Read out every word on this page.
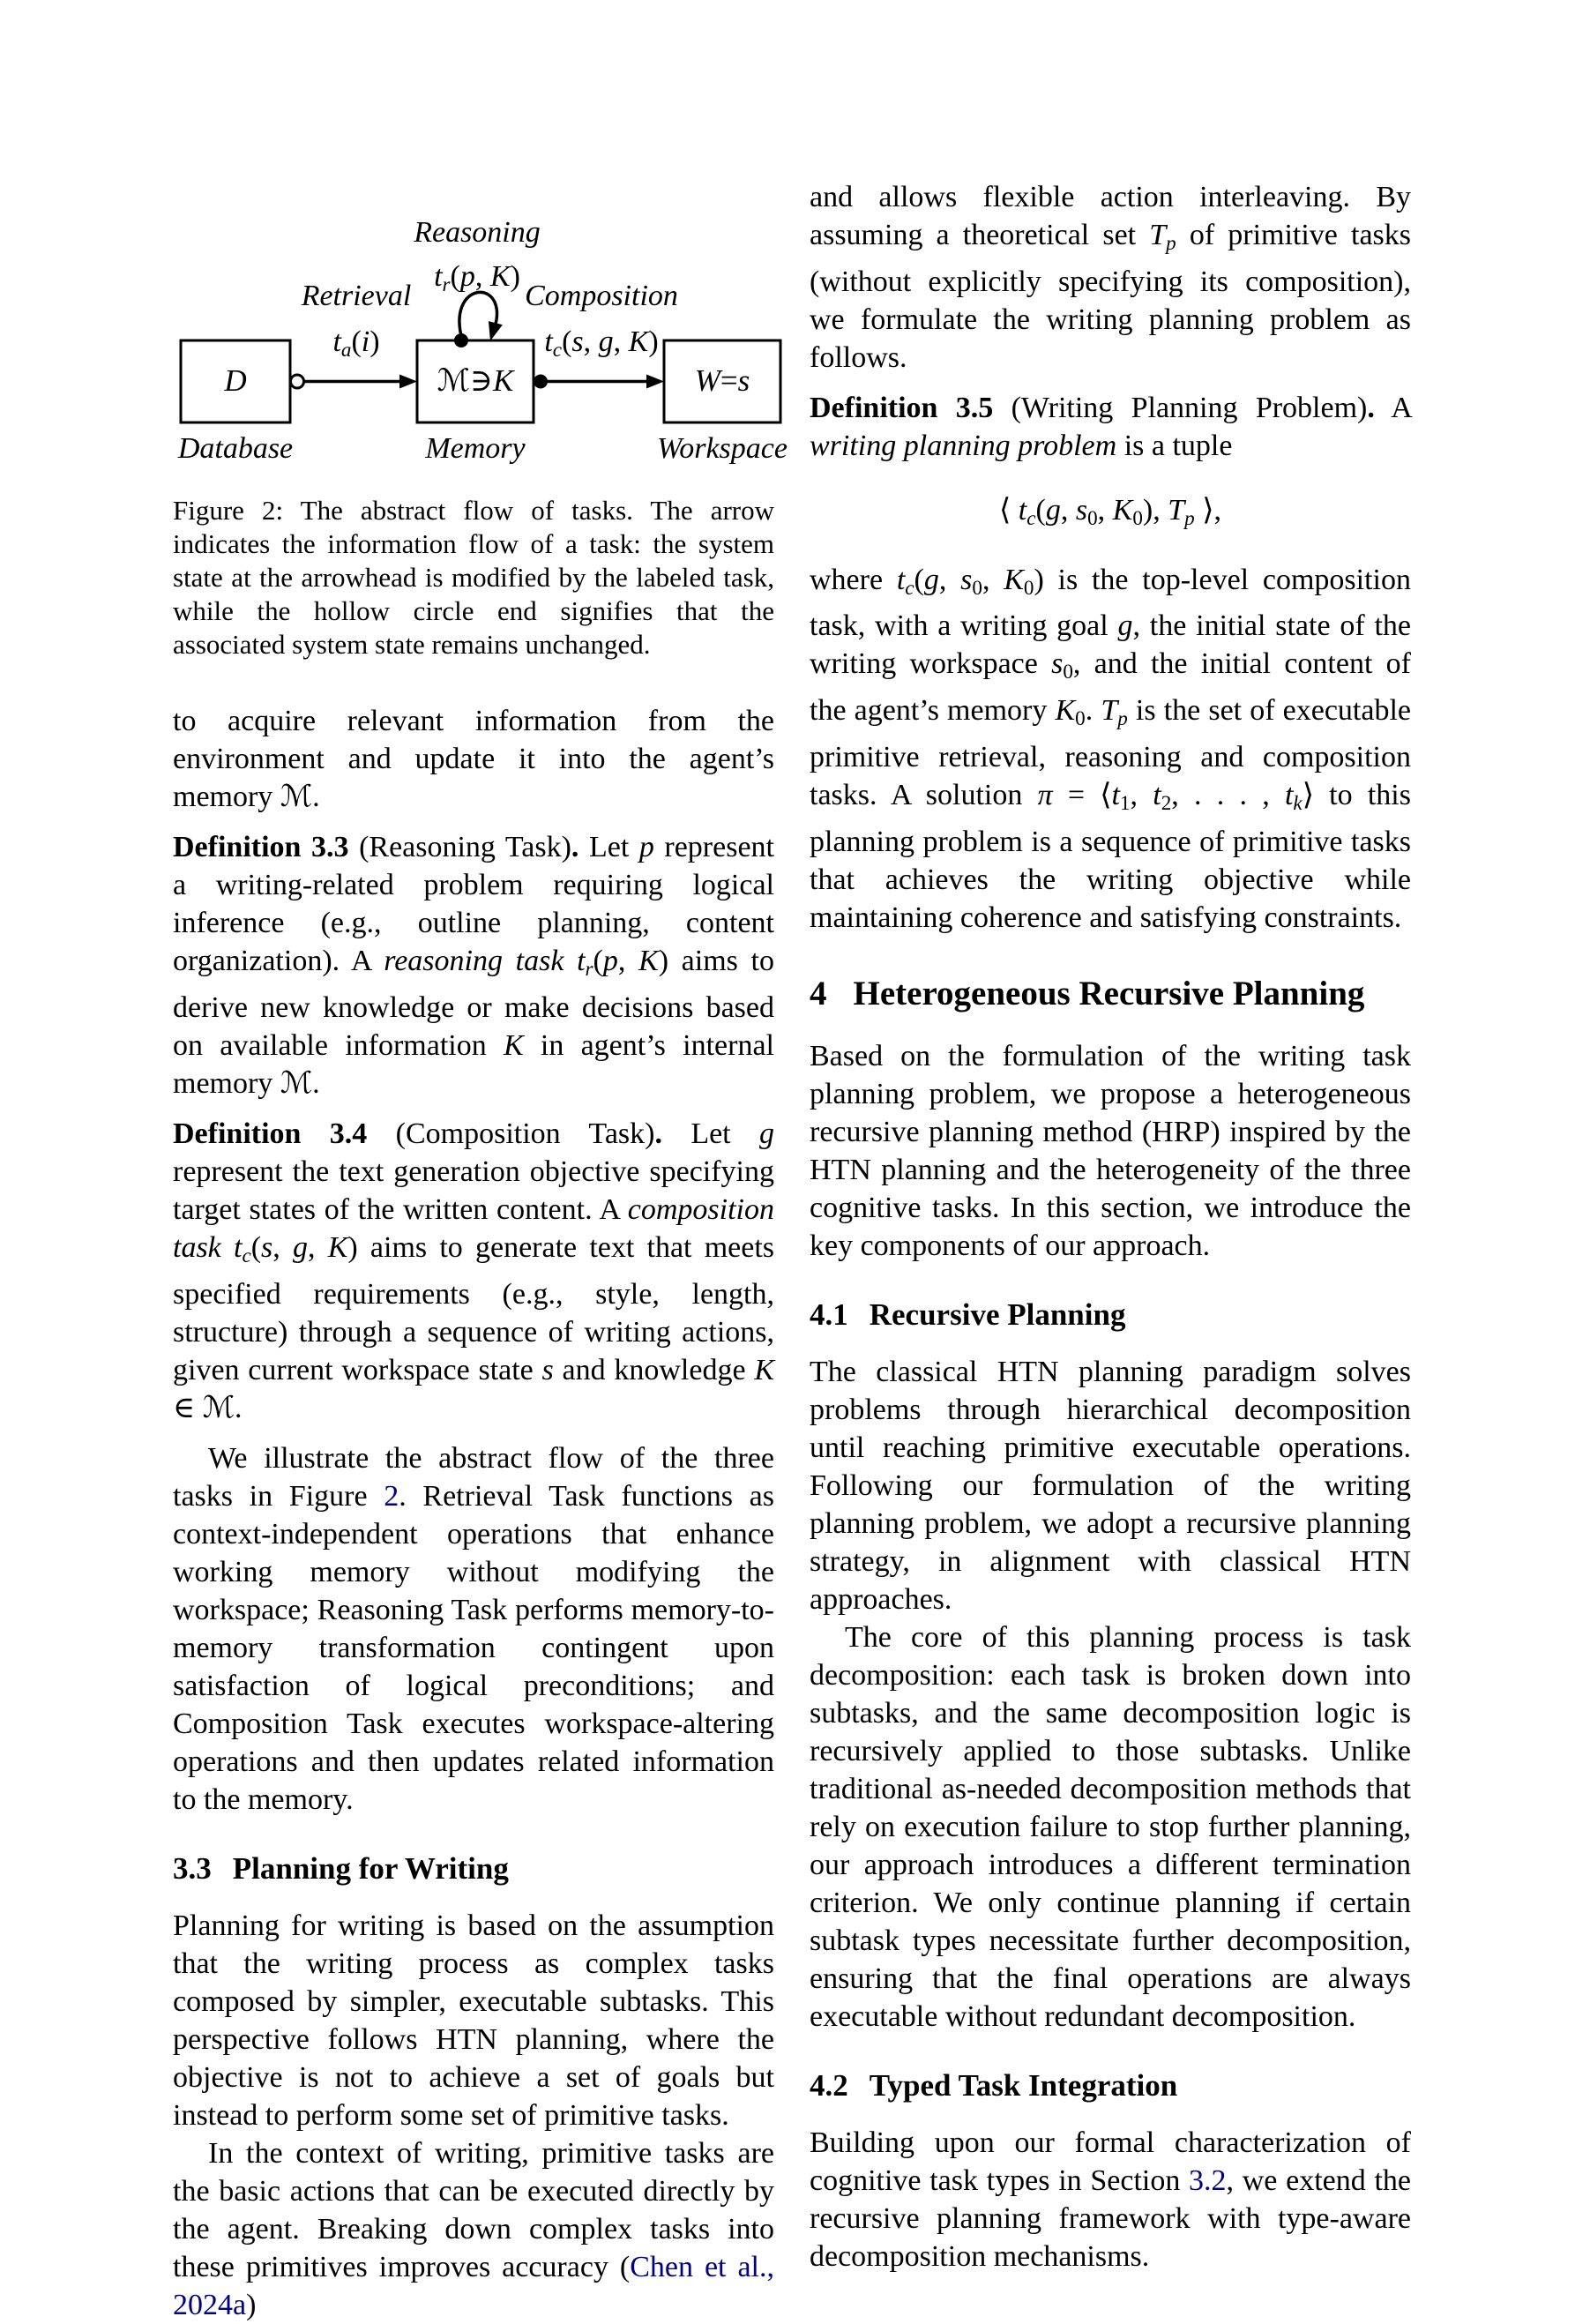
D	ℳ ∋ K	W = s
Database	Memory	Workspace
Retrieval
ta(i)
Reasoning
tr(p, K)
Composition
tc(s, g, K)

Figure 2: The abstract flow of tasks. The arrow indicates the information flow of a task: the system state at the arrowhead is modified by the labeled task, while the hollow circle end signifies that the associated system state remains unchanged.

to acquire relevant information from the environment and update it into the agent’s memory ℳ.

Definition 3.3 (Reasoning Task). Let p represent a writing-related problem requiring logical inference (e.g., outline planning, content organization). A reasoning task tr(p, K) aims to derive new knowledge or make decisions based on available information K in agent’s internal memory ℳ.

Definition 3.4 (Composition Task). Let g represent the text generation objective specifying target states of the written content. A composition task tc(s, g, K) aims to generate text that meets specified requirements (e.g., style, length, structure) through a sequence of writing actions, given current workspace state s and knowledge K ∈ ℳ.

We illustrate the abstract flow of the three tasks in Figure 2. Retrieval Task functions as context-independent operations that enhance working memory without modifying the workspace; Reasoning Task performs memory-to-memory transformation contingent upon satisfaction of logical preconditions; and Composition Task executes workspace-altering operations and then updates related information to the memory.

3.3 Planning for Writing

Planning for writing is based on the assumption that the writing process as complex tasks composed by simpler, executable subtasks. This perspective follows HTN planning, where the objective is not to achieve a set of goals but instead to perform some set of primitive tasks.

In the context of writing, primitive tasks are the basic actions that can be executed directly by the agent. Breaking down complex tasks into these primitives improves accuracy (Chen et al., 2024a)

and allows flexible action interleaving. By assuming a theoretical set Tp of primitive tasks (without explicitly specifying its composition), we formulate the writing planning problem as follows.

Definition 3.5 (Writing Planning Problem). A writing planning problem is a tuple

⟨ tc(g, s0, K0), Tp ⟩,

where tc(g, s0, K0) is the top-level composition task, with a writing goal g, the initial state of the writing workspace s0, and the initial content of the agent’s memory K0. Tp is the set of executable primitive retrieval, reasoning and composition tasks. A solution π = ⟨t1, t2, . . . , tk⟩ to this planning problem is a sequence of primitive tasks that achieves the writing objective while maintaining coherence and satisfying constraints.

4 Heterogeneous Recursive Planning

Based on the formulation of the writing task planning problem, we propose a heterogeneous recursive planning method (HRP) inspired by the HTN planning and the heterogeneity of the three cognitive tasks. In this section, we introduce the key components of our approach.

4.1 Recursive Planning

The classical HTN planning paradigm solves problems through hierarchical decomposition until reaching primitive executable operations. Following our formulation of the writing planning problem, we adopt a recursive planning strategy, in alignment with classical HTN approaches.

The core of this planning process is task decomposition: each task is broken down into subtasks, and the same decomposition logic is recursively applied to those subtasks. Unlike traditional as-needed decomposition methods that rely on execution failure to stop further planning, our approach introduces a different termination criterion. We only continue planning if certain subtask types necessitate further decomposition, ensuring that the final operations are always executable without redundant decomposition.

4.2 Typed Task Integration

Building upon our formal characterization of cognitive task types in Section 3.2, we extend the recursive planning framework with type-aware decomposition mechanisms.
